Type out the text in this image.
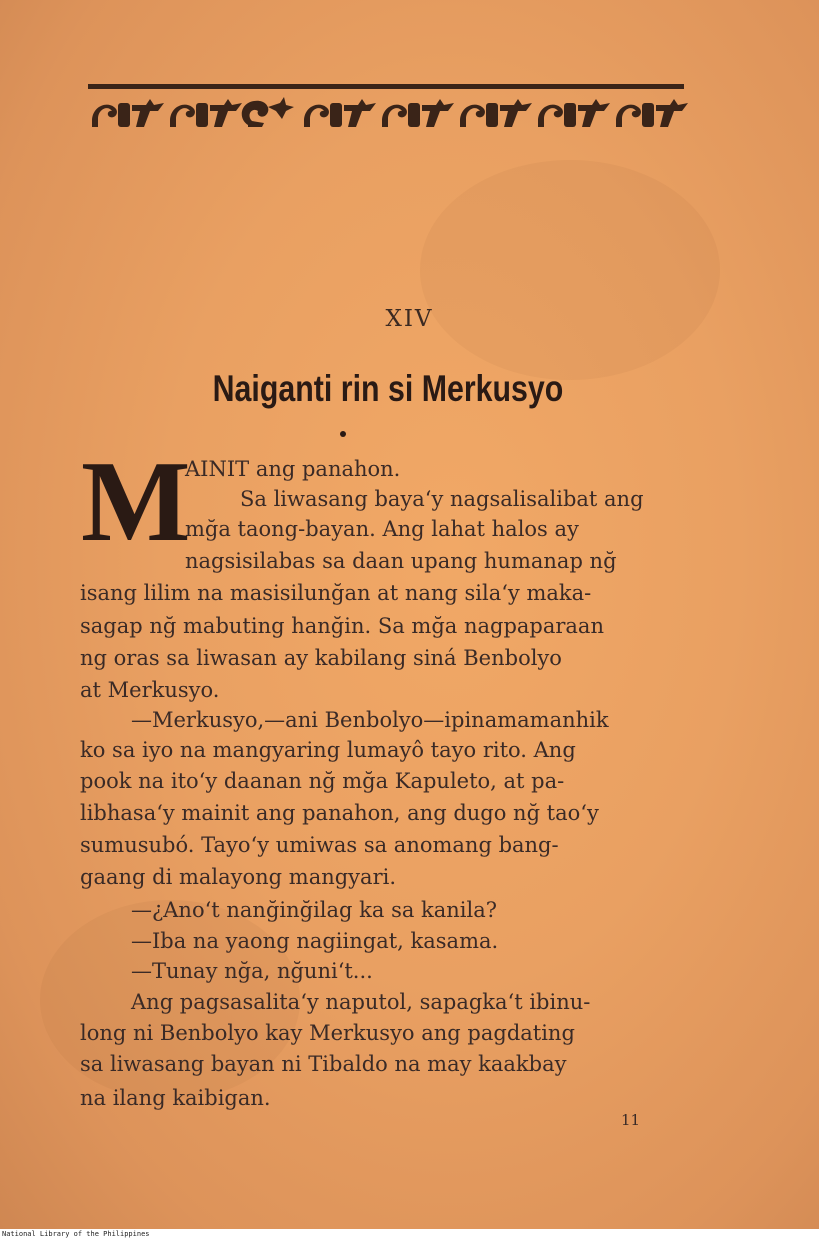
XIV
Naiganti rin si Merkusyo
M
AINIT ang panahon.
Sa liwasang baya‘y nagsalisalibat ang
mğa taong-bayan. Ang lahat halos ay
nagsisilabas sa daan upang humanap nğ
isang lilim na masisilunğan at nang sila‘y maka-
sagap nğ mabuting hanğin. Sa mğa nagpaparaan
ng oras sa liwasan ay kabilang siná Benbolyo
at Merkusyo.
—Merkusyo,—ani Benbolyo—ipinamamanhik
ko sa iyo na mangyaring lumayô tayo rito. Ang
pook na ito‘y daanan nğ mğa Kapuleto, at pa-
libhasa‘y mainit ang panahon, ang dugo nğ tao‘y
sumusubó. Tayo‘y umiwas sa anomang bang-
gaang di malayong mangyari.
—¿Ano‘t nanğinğilag ka sa kanila?
—Iba na yaong nagiingat, kasama.
—Tunay nğa, nğuni‘t...
Ang pagsasalita‘y naputol, sapagka‘t ibinu-
long ni Benbolyo kay Merkusyo ang pagdating
sa liwasang bayan ni Tibaldo na may kaakbay
na ilang kaibigan.
11
National Library of the Philippines
